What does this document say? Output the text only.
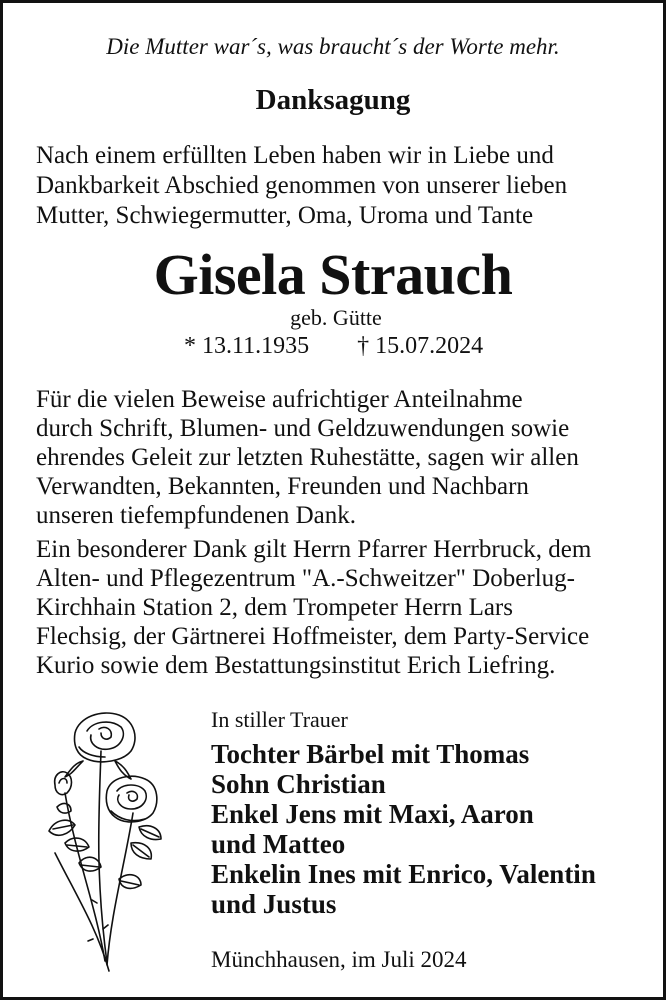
Die Mutter war´s, was braucht´s der Worte mehr.
Danksagung
Nach einem erfüllten Leben haben wir in Liebe und
Dankbarkeit Abschied genommen von unserer lieben
Mutter, Schwiegermutter, Oma, Uroma und Tante
Gisela Strauch
geb. Gütte
* 13.11.1935 † 15.07.2024
Für die vielen Beweise aufrichtiger Anteilnahme
durch Schrift, Blumen- und Geldzuwendungen sowie
ehrendes Geleit zur letzten Ruhestätte, sagen wir allen
Verwandten, Bekannten, Freunden und Nachbarn
unseren tiefempfundenen Dank.
Ein besonderer Dank gilt Herrn Pfarrer Herrbruck, dem
Alten- und Pflegezentrum "A.-Schweitzer" Doberlug-
Kirchhain Station 2, dem Trompeter Herrn Lars
Flechsig, der Gärtnerei Hoffmeister, dem Party-Service
Kurio sowie dem Bestattungsinstitut Erich Liefring.
In stiller Trauer
Tochter Bärbel mit Thomas
Sohn Christian
Enkel Jens mit Maxi, Aaron
und Matteo
Enkelin Ines mit Enrico, Valentin
und Justus
Münchhausen, im Juli 2024
